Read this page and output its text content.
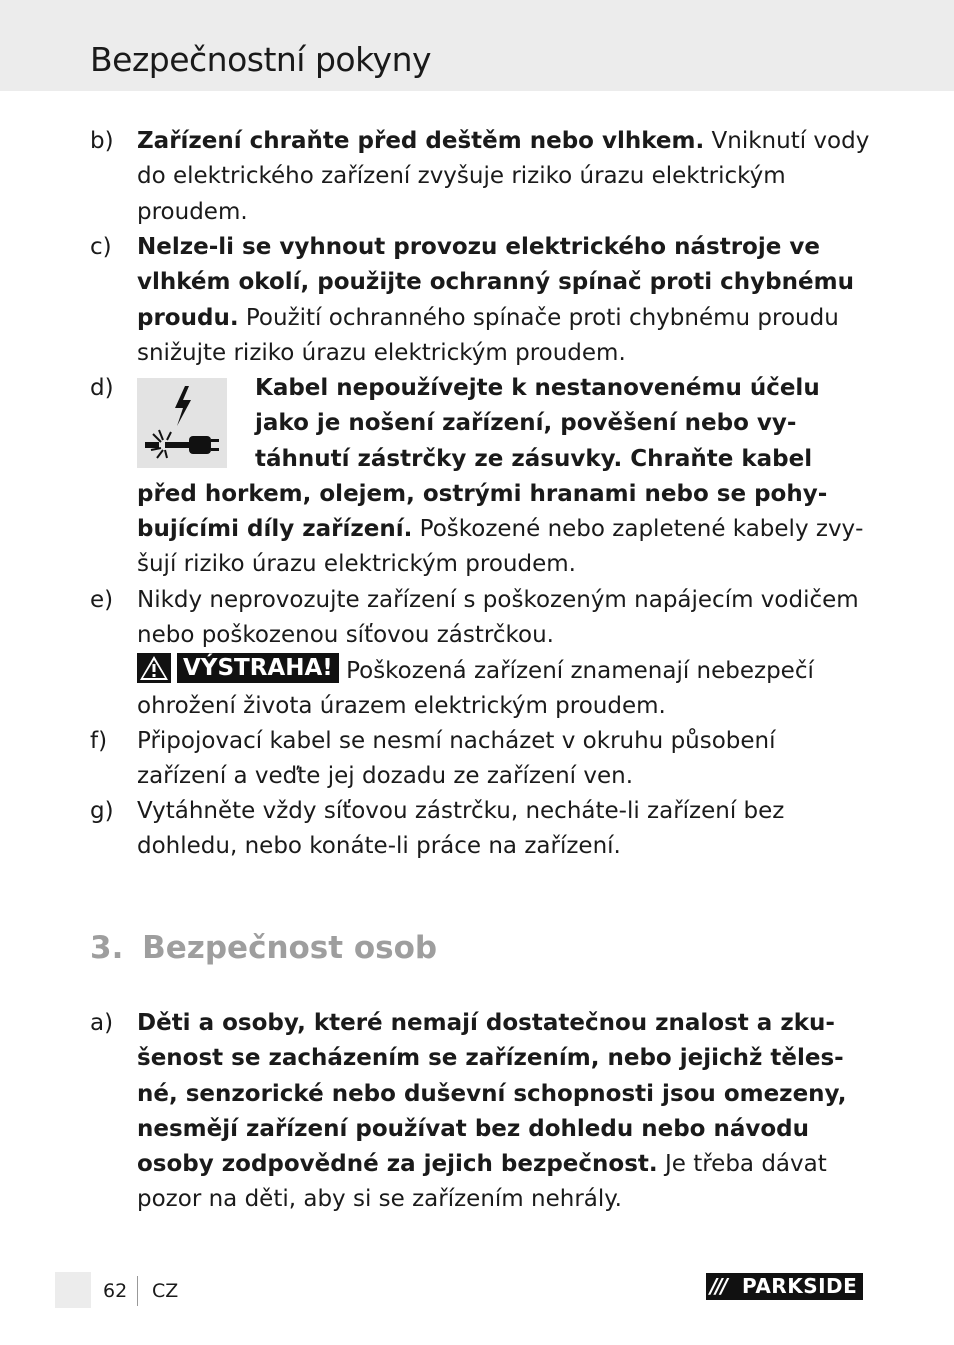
Bezpečnostní pokyny
b) Zařízení chraňte před deštěm nebo vlhkem. Vniknutí vody do elektrického zařízení zvyšuje riziko úrazu elektrickým proudem.
c) Nelze-li se vyhnout provozu elektrického nástroje ve vlhkém okolí, použijte ochranný spínač proti chybnému proudu. Použití ochranného spínače proti chybnému proudu snižujte riziko úrazu elektrickým proudem.
d)	Kabel nepoužívejte k nestanovenému účelu jako je nošení zařízení, pověšení nebo vytáhnutí zástrčky ze zásuvky. Chraňte kabel před horkem, olejem, ostrými hranami nebo se pohybujícími díly zařízení. Poškozené nebo zapletené kabely zvyšují riziko úrazu elektrickým proudem.
e) Nikdy neprovozujte zařízení s poškozeným napájecím vodičem nebo poškozenou síťovou zástrčkou.
VÝSTRAHA! Poškozená zařízení znamenají nebezpečí ohrožení života úrazem elektrickým proudem.
f) Připojovací kabel se nesmí nacházet v okruhu působení zařízení a veďte jej dozadu ze zařízení ven.
g) Vytáhněte vždy síťovou zástrčku, necháte-li zařízení bez dohledu, nebo konáte-li práce na zařízení.
3. Bezpečnost osob
a) Děti a osoby, které nemají dostatečnou znalost a zkušenost se zacházením se zařízením, nebo jejichž tělesné, senzorické nebo duševní schopnosti jsou omezeny, nesmějí zařízení používat bez dohledu nebo návodu osoby zodpovědné za jejich bezpečnost. Je třeba dávat pozor na děti, aby si se zařízením nehrály.
62 CZ	/// PARKSIDE
